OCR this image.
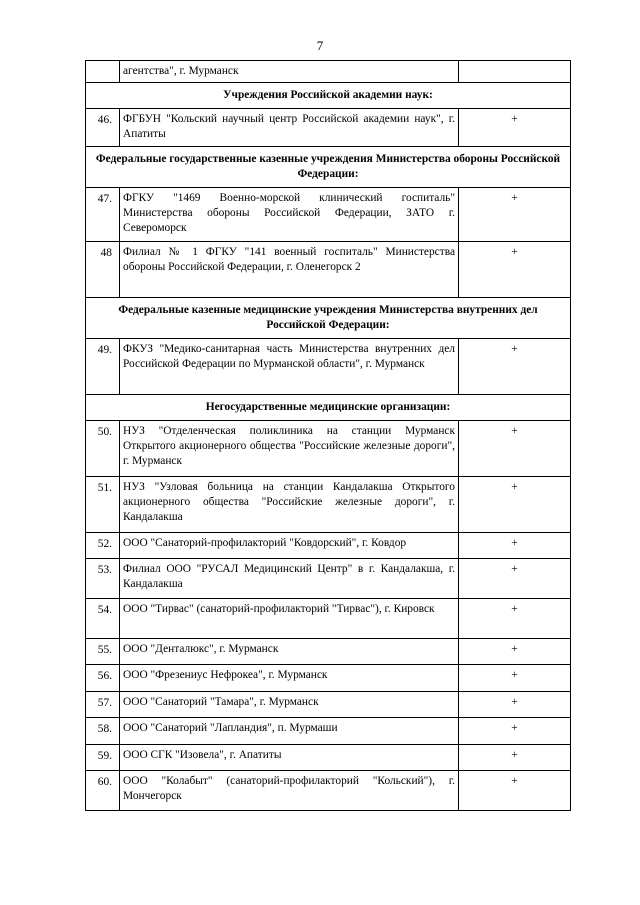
7
	агентства", г. Мурманск	
Учреждения Российской академии наук:		
46.	ФГБУН "Кольский научный центр Российской академии наук", г. Апатиты	+
Федеральные государственные казенные учреждения Министерства обороны Российской Федерации:		
47.	ФГКУ "1469 Военно-морской клинический госпиталь" Министерства обороны Российской Федерации, ЗАТО г. Североморск	+
48	Филиал № 1 ФГКУ "141 военный госпиталь" Министерства обороны Российской Федерации, г. Оленегорск 2	+
Федеральные казенные медицинские учреждения Министерства внутренних дел Российской Федерации:		
49.	ФКУЗ "Медико-санитарная часть Министерства внутренних дел Российской Федерации по Мурманской области", г. Мурманск	+
Негосударственные медицинские организации:		
50.	НУЗ "Отделенческая поликлиника на станции Мурманск Открытого акционерного общества "Российские железные дороги", г. Мурманск	+
51.	НУЗ "Узловая больница на станции Кандалакша Открытого акционерного общества "Российские железные дороги", г. Кандалакша	+
52.	ООО "Санаторий-профилакторий "Ковдорский", г. Ковдор	+
53.	Филиал ООО "РУСАЛ Медицинский Центр" в г. Кандалакша, г. Кандалакша	+
54.	ООО "Тирвас" (санаторий-профилакторий "Тирвас"), г. Кировск	+
55.	ООО "Денталюкс", г. Мурманск	+
56.	ООО "Фрезениус Нефрокеа", г. Мурманск	+
57.	ООО "Санаторий "Тамара", г. Мурманск	+
58.	ООО "Санаторий "Лапландия", п. Мурмаши	+
59.	ООО СГК "Изовела", г. Апатиты	+
60.	ООО "Колабыт" (санаторий-профилакторий "Кольский"), г. Мончегорск	+
